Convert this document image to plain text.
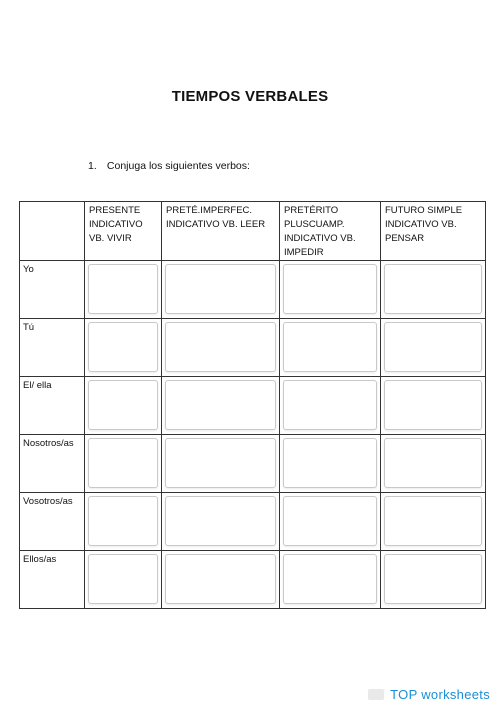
TIEMPOS VERBALES
1. Conjuga los siguientes verbos:

	PRESENTE INDICATIVO VB. VIVIR	PRETÉ.IMPERFEC. INDICATIVO VB. LEER	PRETÉRITO PLUSCUAMP. INDICATIVO VB. IMPEDIR	FUTURO SIMPLE INDICATIVO VB. PENSAR

Yo				

Tú				

El/ ella				

Nosotros/as				

Vosotros/as				

Ellos/as				

TOP worksheets
